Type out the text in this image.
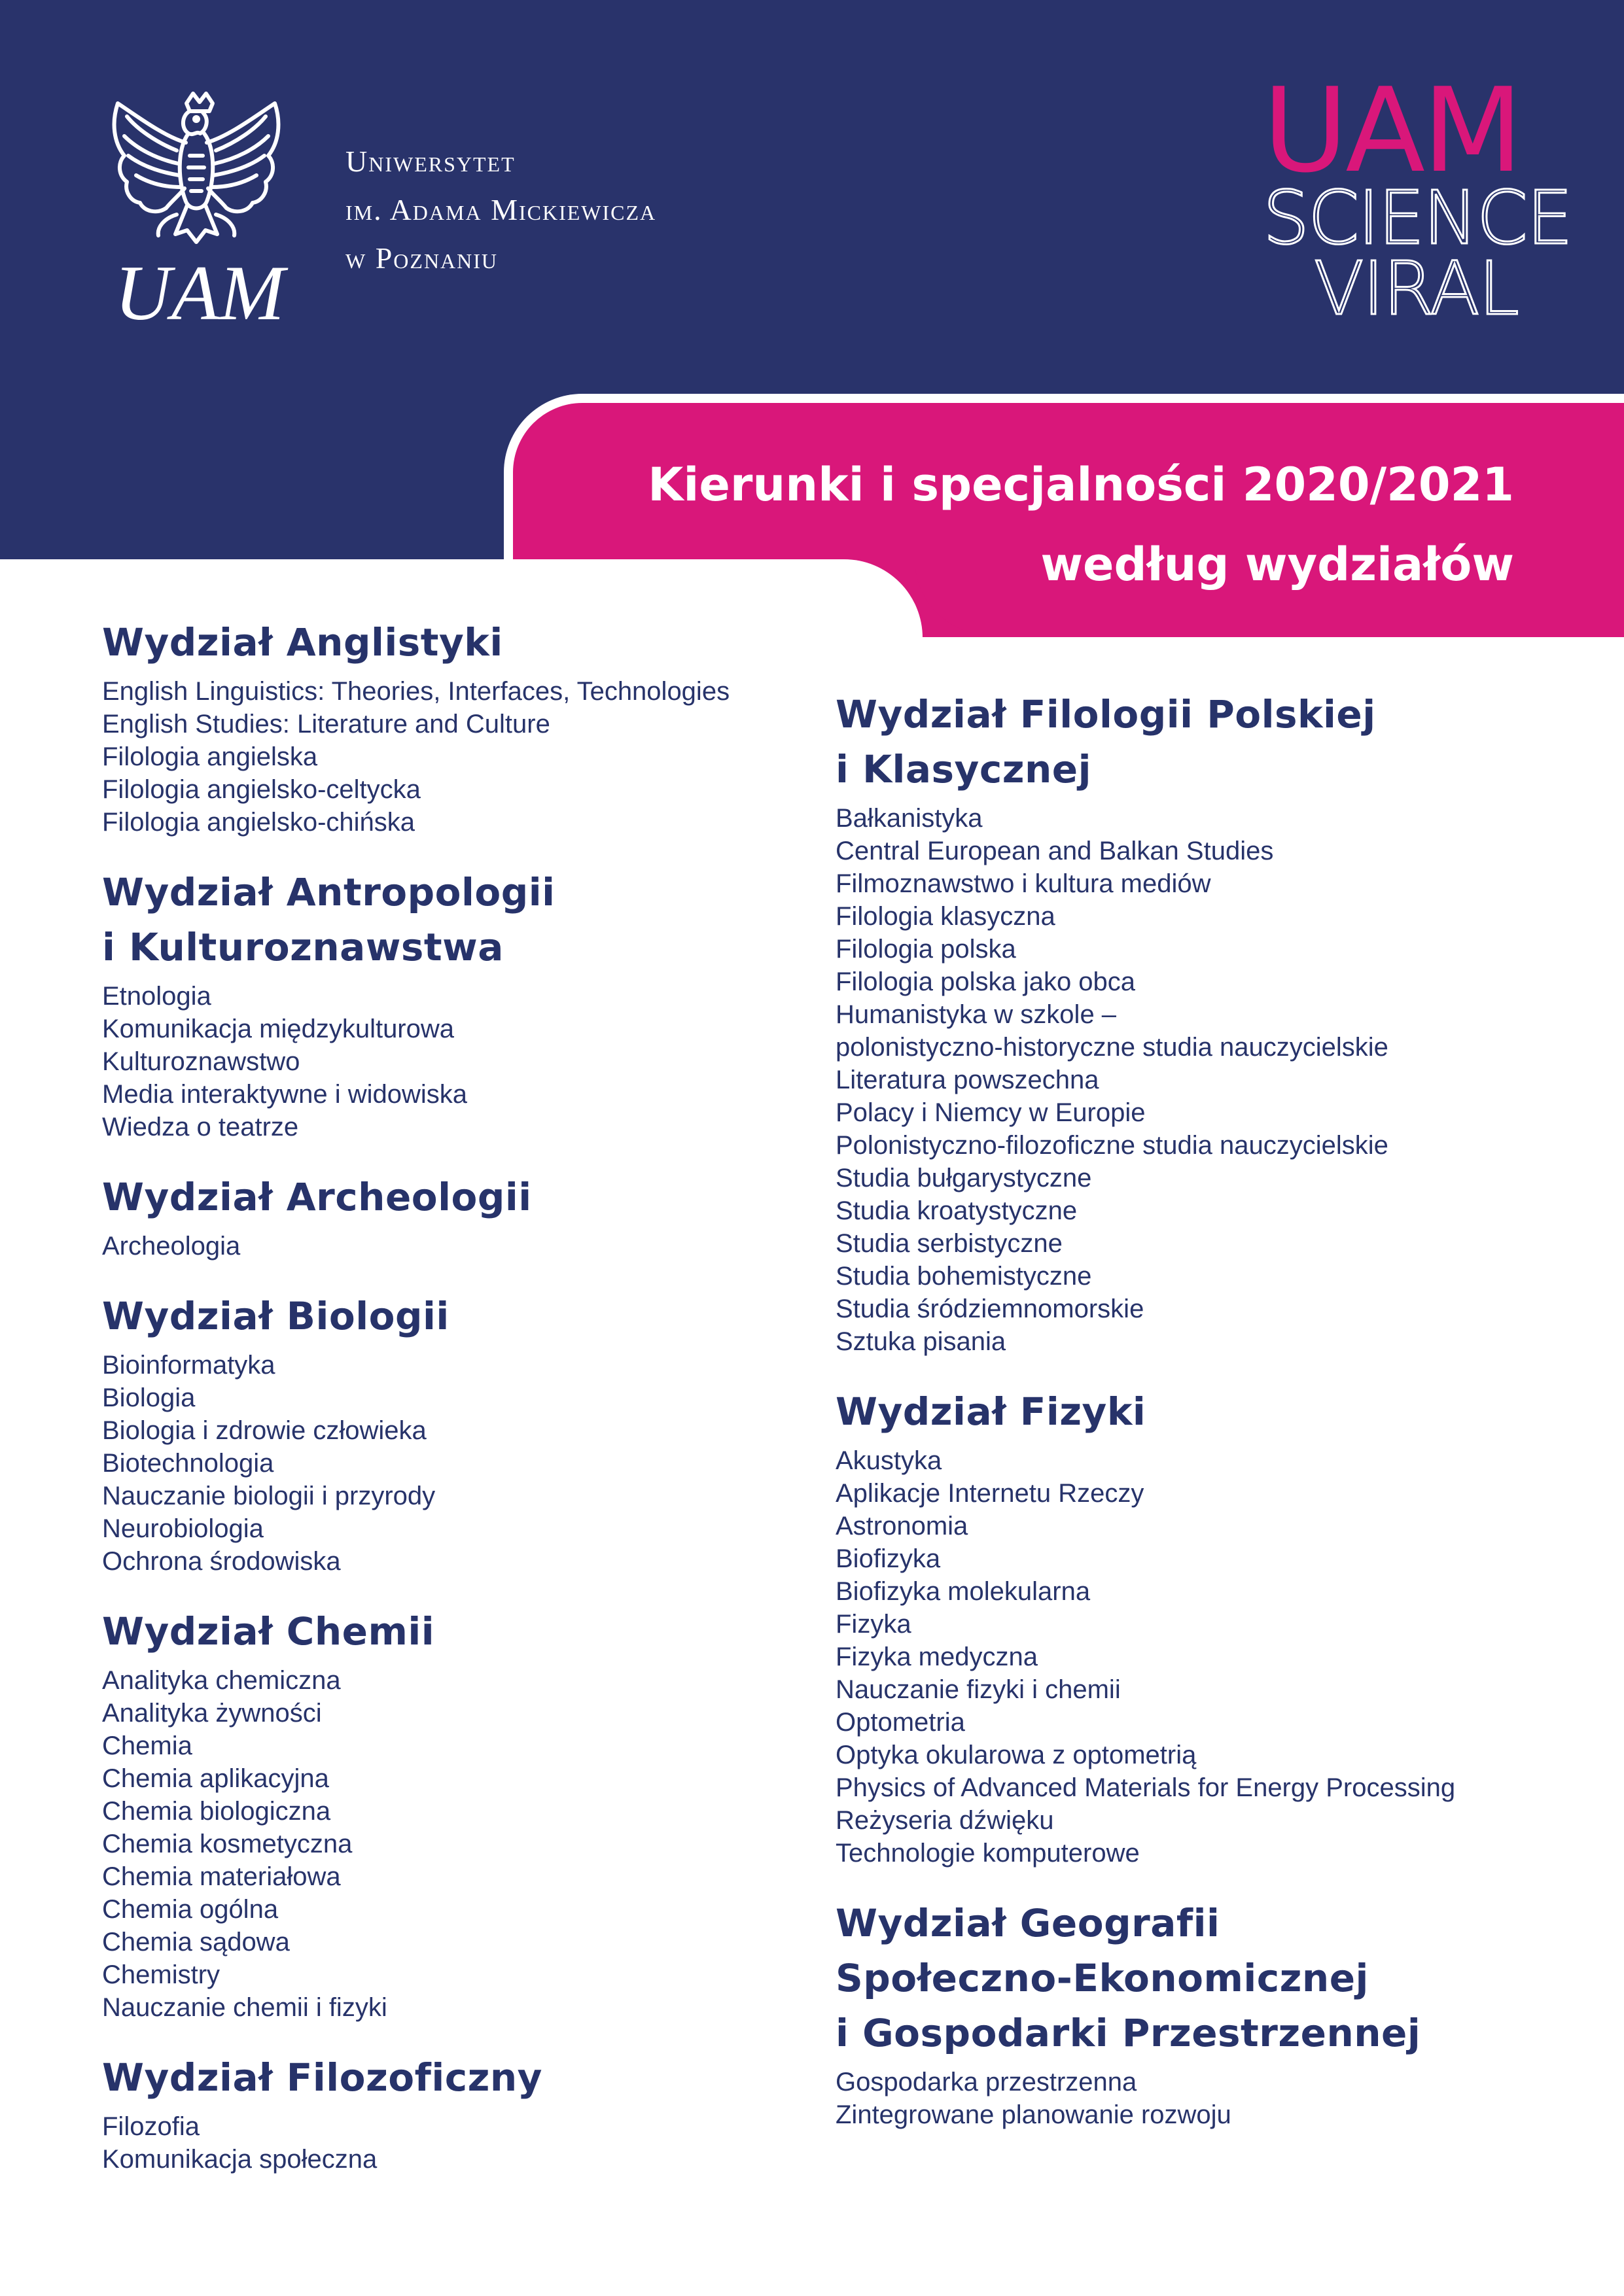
UAM
Uniwersytet
im. Adama Mickiewicza
w Poznaniu
UAM
SCIENCE
VIRAL
Kierunki i specjalności 2020/2021
według wydziałów
Wydział Anglistyki
English Linguistics: Theories, Interfaces, Technologies
English Studies: Literature and Culture
Filologia angielska
Filologia angielsko-celtycka
Filologia angielsko-chińska
Wydział Antropologii
i Kulturoznawstwa
Etnologia
Komunikacja międzykulturowa
Kulturoznawstwo
Media interaktywne i widowiska
Wiedza o teatrze
Wydział Archeologii
Archeologia
Wydział Biologii
Bioinformatyka
Biologia
Biologia i zdrowie człowieka
Biotechnologia
Nauczanie biologii i przyrody
Neurobiologia
Ochrona środowiska
Wydział Chemii
Analityka chemiczna
Analityka żywności
Chemia
Chemia aplikacyjna
Chemia biologiczna
Chemia kosmetyczna
Chemia materiałowa
Chemia ogólna
Chemia sądowa
Chemistry
Nauczanie chemii i fizyki
Wydział Filozoficzny
Filozofia
Komunikacja społeczna
Wydział Filologii Polskiej
i Klasycznej
Bałkanistyka
Central European and Balkan Studies
Filmoznawstwo i kultura mediów
Filologia klasyczna
Filologia polska
Filologia polska jako obca
Humanistyka w szkole –
polonistyczno-historyczne studia nauczycielskie
Literatura powszechna
Polacy i Niemcy w Europie
Polonistyczno-filozoficzne studia nauczycielskie
Studia bułgarystyczne
Studia kroatystyczne
Studia serbistyczne
Studia bohemistyczne
Studia śródziemnomorskie
Sztuka pisania
Wydział Fizyki
Akustyka
Aplikacje Internetu Rzeczy
Astronomia
Biofizyka
Biofizyka molekularna
Fizyka
Fizyka medyczna
Nauczanie fizyki i chemii
Optometria
Optyka okularowa z optometrią
Physics of Advanced Materials for Energy Processing
Reżyseria dźwięku
Technologie komputerowe
Wydział Geografii
Społeczno-Ekonomicznej
i Gospodarki Przestrzennej
Gospodarka przestrzenna
Zintegrowane planowanie rozwoju
